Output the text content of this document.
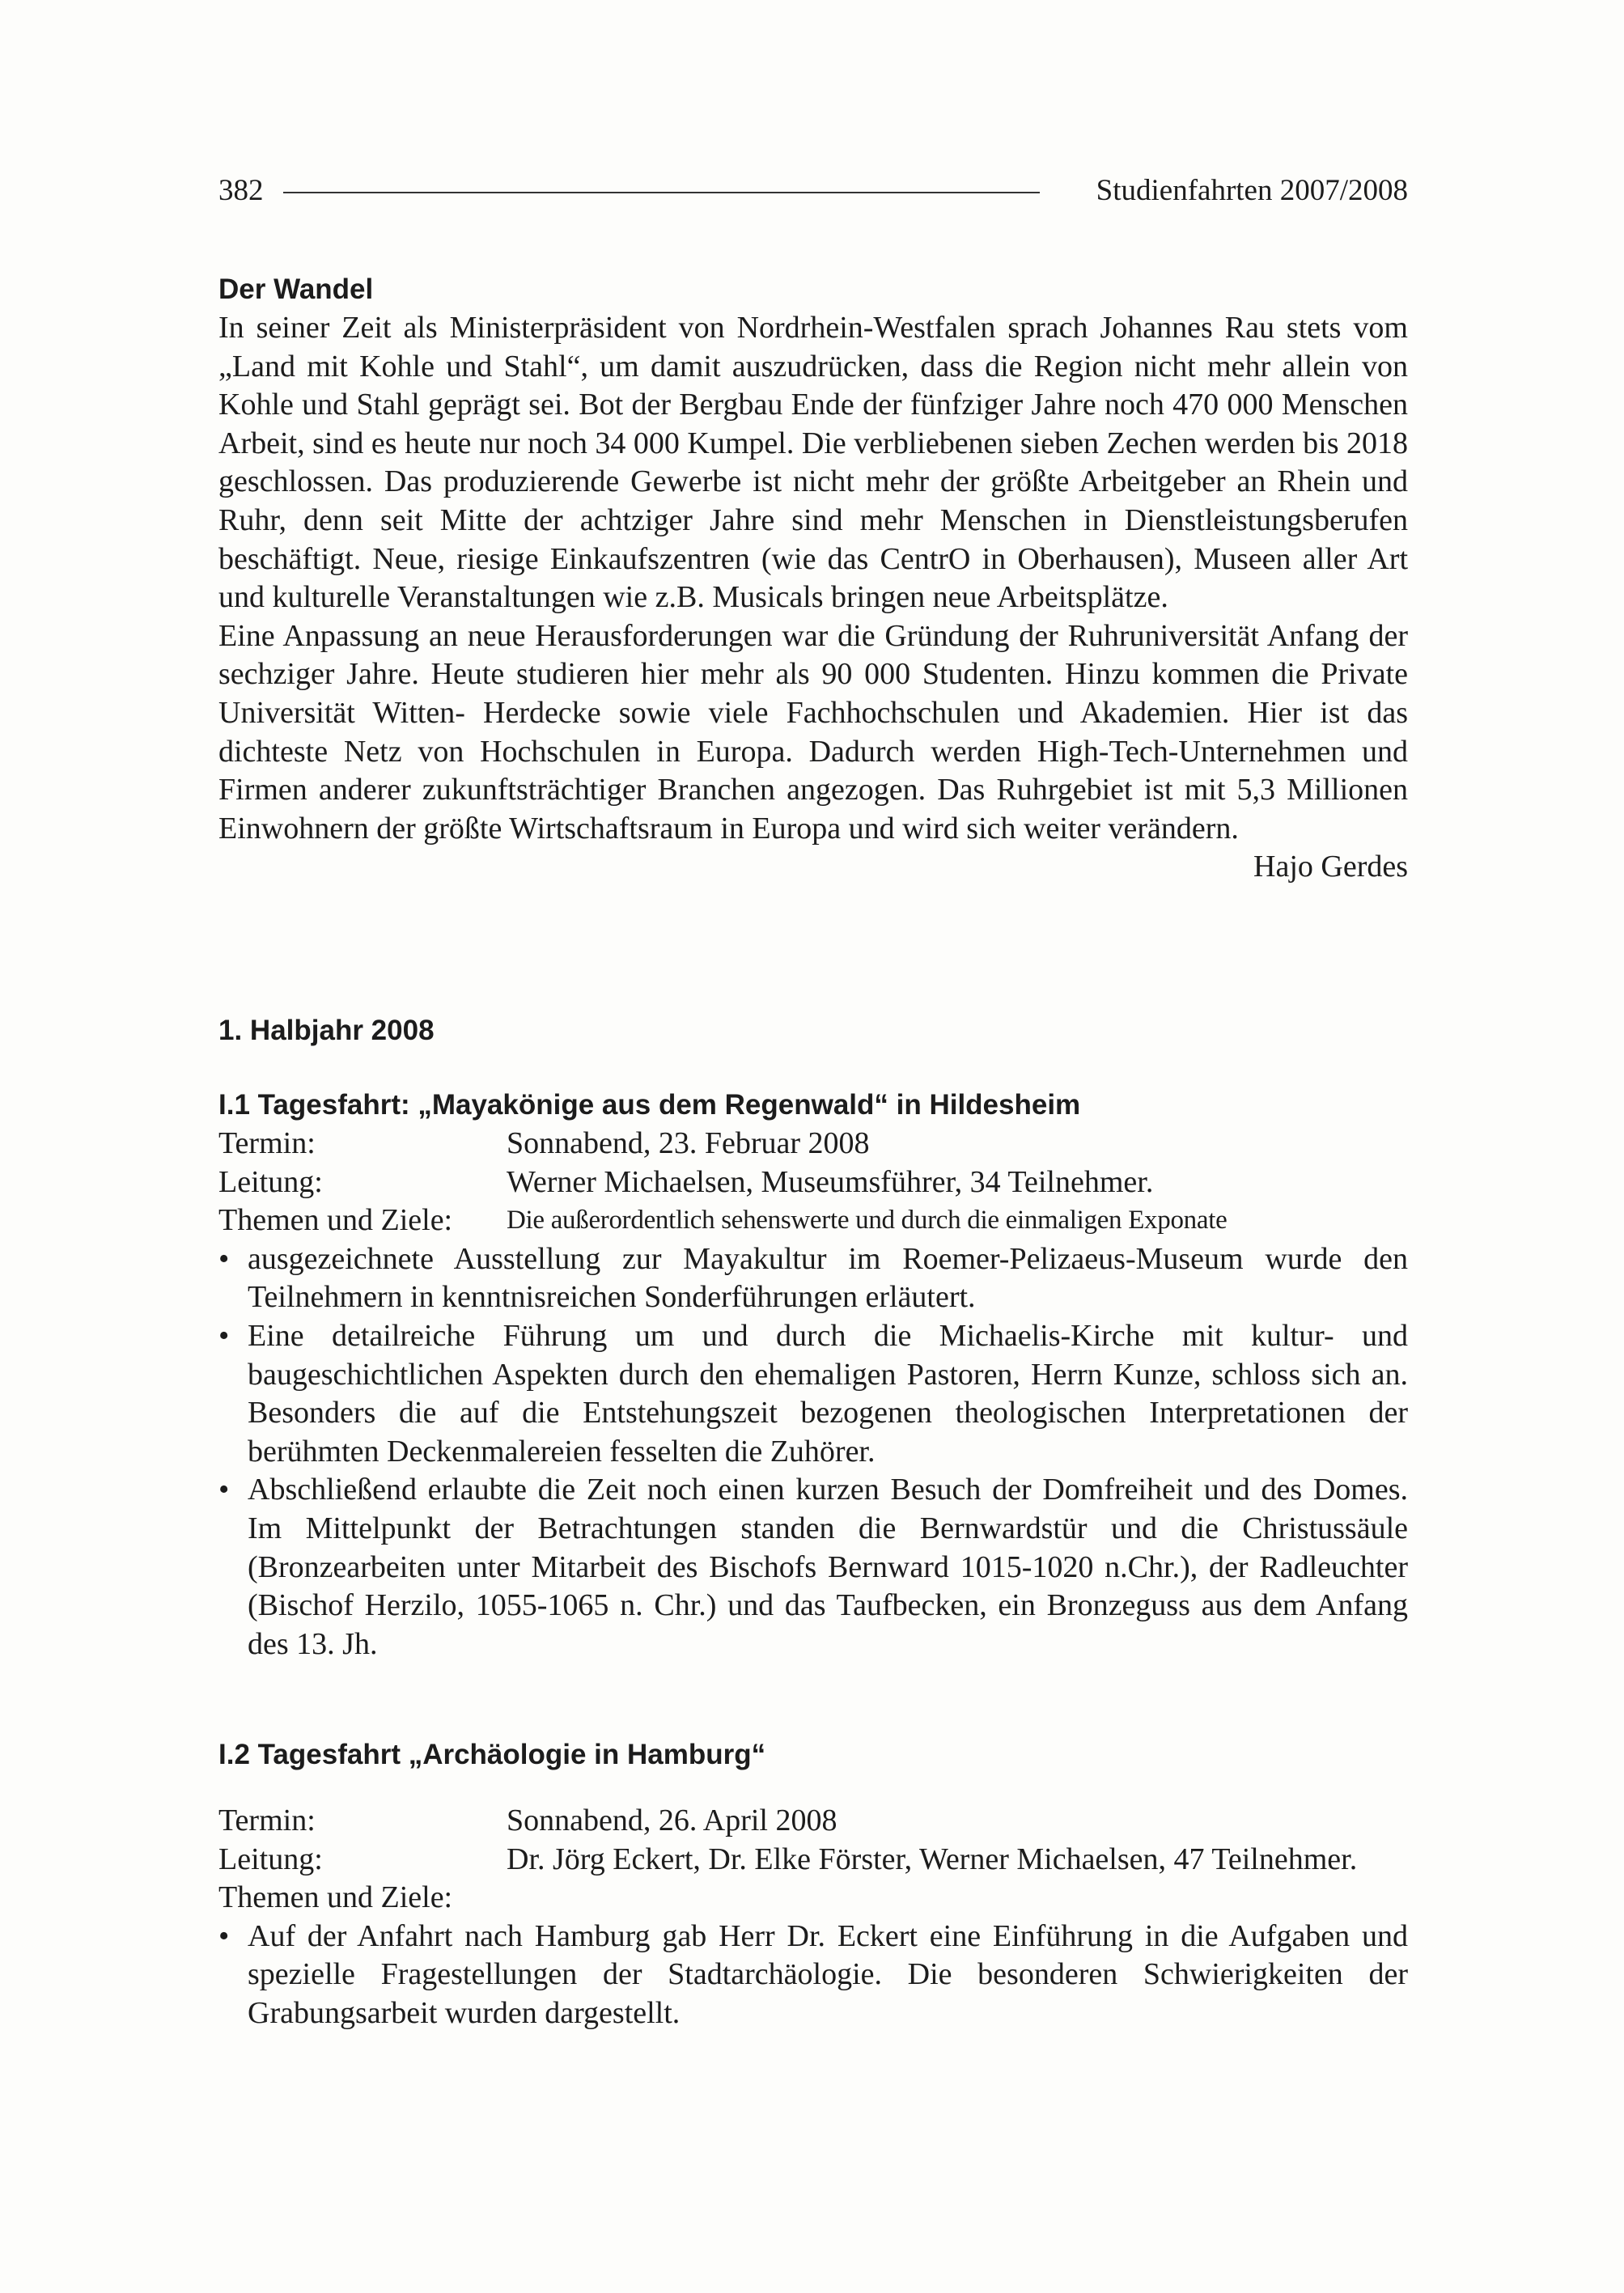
382	Studienfahrten 2007/2008
Der Wandel

In seiner Zeit als Ministerpräsident von Nordrhein-Westfalen sprach Johannes Rau stets vom „Land mit Kohle und Stahl“, um damit auszudrücken, dass die Region nicht mehr allein von Kohle und Stahl geprägt sei. Bot der Bergbau Ende der fünfziger Jahre noch 470 000 Menschen Arbeit, sind es heute nur noch 34 000 Kumpel. Die verbliebenen sieben Zechen werden bis 2018 geschlossen. Das produzierende Gewerbe ist nicht mehr der größte Arbeitgeber an Rhein und Ruhr, denn seit Mitte der achtziger Jahre sind mehr Menschen in Dienstleistungsberufen beschäftigt. Neue, riesige Einkaufszentren (wie das CentrO in Oberhausen), Museen aller Art und kulturelle Veranstaltungen wie z.B. Musicals bringen neue Arbeitsplätze.

Eine Anpassung an neue Herausforderungen war die Gründung der Ruhruniversität Anfang der sechziger Jahre. Heute studieren hier mehr als 90 000 Studenten. Hinzu kommen die Private Universität Witten- Herdecke sowie viele Fachhochschulen und Akademien. Hier ist das dichteste Netz von Hochschulen in Europa. Dadurch werden High-Tech-Unternehmen und Firmen anderer zukunftsträchtiger Branchen angezogen. Das Ruhrgebiet ist mit 5,3 Millionen Einwohnern der größte Wirtschaftsraum in Europa und wird sich weiter verändern.

Hajo Gerdes
1. Halbjahr 2008
I.1 Tagesfahrt: „Mayakönige aus dem Regenwald“ in Hildesheim
Termin:	Sonnabend, 23. Februar 2008
Leitung:	Werner Michaelsen, Museumsführer, 34 Teilnehmer.
Themen und Ziele:	Die außerordentlich sehenswerte und durch die einmaligen Exponate
• ausgezeichnete Ausstellung zur Mayakultur im Roemer-Pelizaeus-Museum wurde den Teilnehmern in kenntnisreichen Sonderführungen erläutert.
• Eine detailreiche Führung um und durch die Michaelis-Kirche mit kultur- und baugeschichtlichen Aspekten durch den ehemaligen Pastoren, Herrn Kunze, schloss sich an. Besonders die auf die Entstehungszeit bezogenen theologischen Interpretationen der berühmten Deckenmalereien fesselten die Zuhörer.
• Abschließend erlaubte die Zeit noch einen kurzen Besuch der Domfreiheit und des Domes. Im Mittelpunkt der Betrachtungen standen die Bernwardstür und die Christussäule (Bronzearbeiten unter Mitarbeit des Bischofs Bernward 1015-1020 n.Chr.), der Radleuchter (Bischof Herzilo, 1055-1065 n. Chr.) und das Taufbecken, ein Bronzeguss aus dem Anfang des 13. Jh.
I.2 Tagesfahrt „Archäologie in Hamburg“
Termin:	Sonnabend, 26. April 2008
Leitung:	Dr. Jörg Eckert, Dr. Elke Förster, Werner Michaelsen, 47 Teilnehmer.
Themen und Ziele:
• Auf der Anfahrt nach Hamburg gab Herr Dr. Eckert eine Einführung in die Aufgaben und spezielle Fragestellungen der Stadtarchäologie. Die besonderen Schwierigkeiten der Grabungsarbeit wurden dargestellt.
